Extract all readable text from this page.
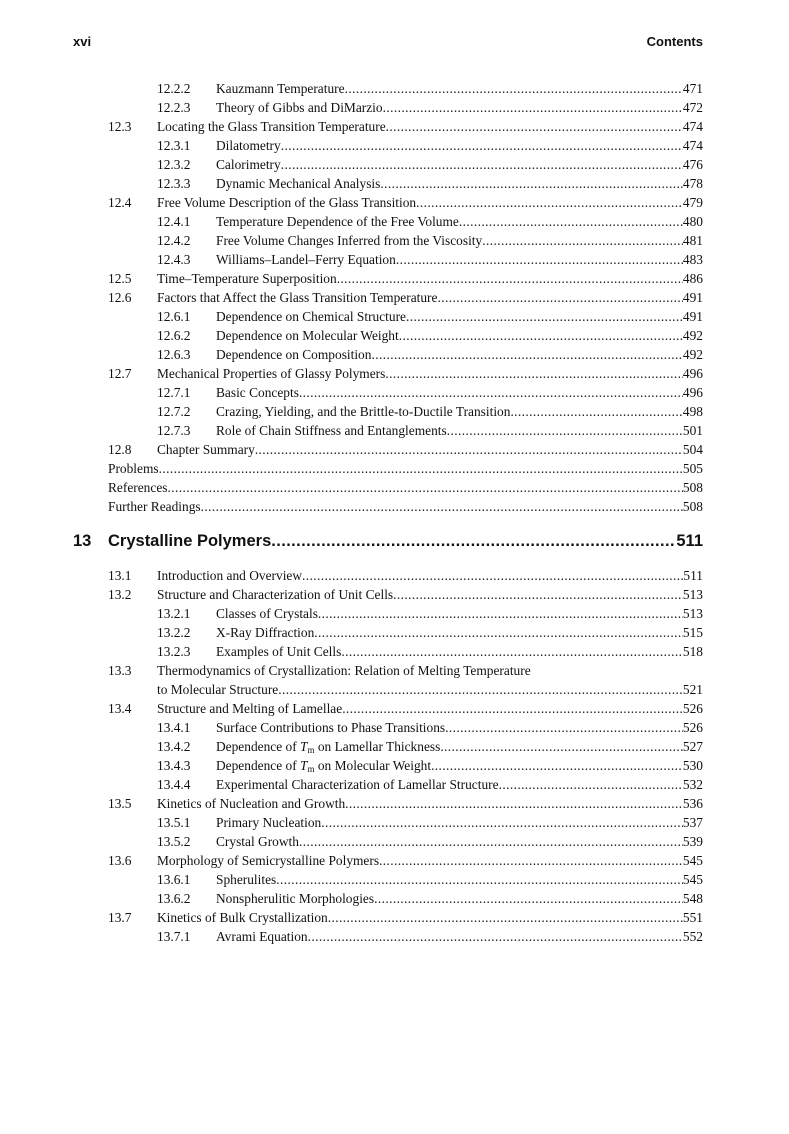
xvi	Contents
12.2.2 Kauzmann Temperature .....	471
12.2.3 Theory of Gibbs and DiMarzio .....	472
12.3 Locating the Glass Transition Temperature .....	474
12.3.1 Dilatometry .....	474
12.3.2 Calorimetry .....	476
12.3.3 Dynamic Mechanical Analysis .....	478
12.4 Free Volume Description of the Glass Transition .....	479
12.4.1 Temperature Dependence of the Free Volume .....	480
12.4.2 Free Volume Changes Inferred from the Viscosity .....	481
12.4.3 Williams–Landel–Ferry Equation .....	483
12.5 Time–Temperature Superposition .....	486
12.6 Factors that Affect the Glass Transition Temperature .....	491
12.6.1 Dependence on Chemical Structure .....	491
12.6.2 Dependence on Molecular Weight .....	492
12.6.3 Dependence on Composition .....	492
12.7 Mechanical Properties of Glassy Polymers .....	496
12.7.1 Basic Concepts .....	496
12.7.2 Crazing, Yielding, and the Brittle-to-Ductile Transition .....	498
12.7.3 Role of Chain Stiffness and Entanglements .....	501
12.8 Chapter Summary .....	504
Problems .....	505
References .....	508
Further Readings .....	508
13 Crystalline Polymers .....	511
13.1 Introduction and Overview .....	511
13.2 Structure and Characterization of Unit Cells .....	513
13.2.1 Classes of Crystals .....	513
13.2.2 X-Ray Diffraction .....	515
13.2.3 Examples of Unit Cells .....	518
13.3 Thermodynamics of Crystallization: Relation of Melting Temperature
to Molecular Structure .....	521
13.4 Structure and Melting of Lamellae .....	526
13.4.1 Surface Contributions to Phase Transitions .....	526
13.4.2 Dependence of $T_m$ on Lamellar Thickness .....	527
13.4.3 Dependence of $T_m$ on Molecular Weight .....	530
13.4.4 Experimental Characterization of Lamellar Structure .....	532
13.5 Kinetics of Nucleation and Growth .....	536
13.5.1 Primary Nucleation .....	537
13.5.2 Crystal Growth .....	539
13.6 Morphology of Semicrystalline Polymers .....	545
13.6.1 Spherulites .....	545
13.6.2 Nonspherulitic Morphologies .....	548
13.7 Kinetics of Bulk Crystallization .....	551
13.7.1 Avrami Equation .....	552
